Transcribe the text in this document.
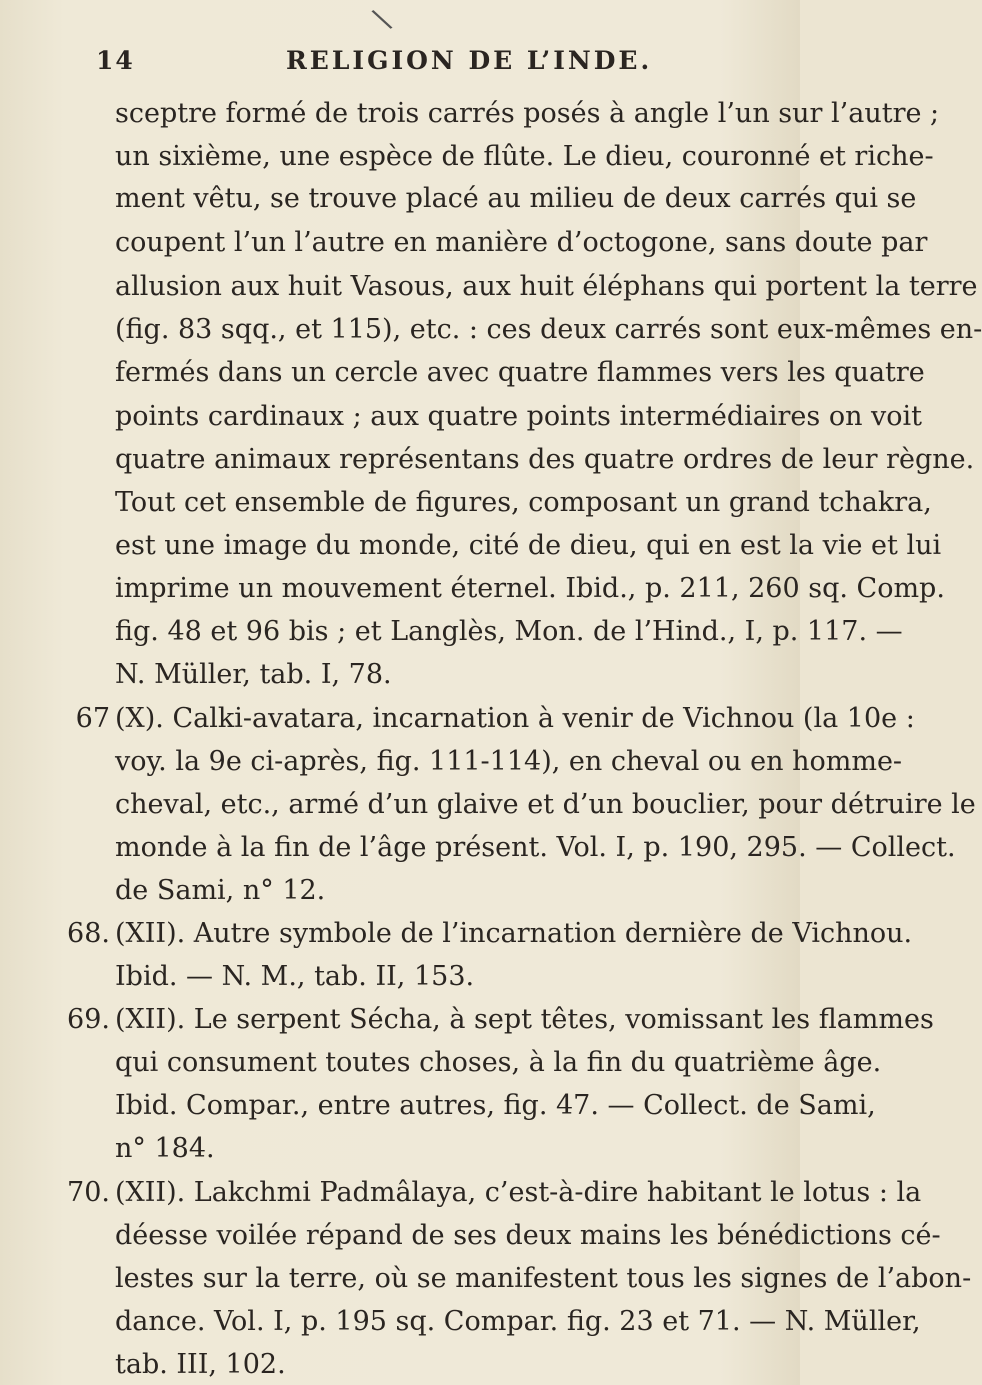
\
14	RELIGION DE L’INDE.
sceptre formé de trois carrés posés à angle l’un sur l’autre ;
un sixième, une espèce de flûte. Le dieu, couronné et riche-
ment vêtu, se trouve placé au milieu de deux carrés qui se
coupent l’un l’autre en manière d’octogone, sans doute par
allusion aux huit Vasous, aux huit éléphans qui portent la terre
(fig. 83 sqq., et 115), etc. : ces deux carrés sont eux-mêmes en-
fermés dans un cercle avec quatre flammes vers les quatre
points cardinaux ; aux quatre points intermédiaires on voit
quatre animaux représentans des quatre ordres de leur règne.
Tout cet ensemble de figures, composant un grand tchakra,
est une image du monde, cité de dieu, qui en est la vie et lui
imprime un mouvement éternel. Ibid., p. 211, 260 sq. Comp.
fig. 48 et 96 bis ; et Langlès, Mon. de l’Hind., I, p. 117. —
N. Müller, tab. I, 78.
67 (X). Calki-avatara, incarnation à venir de Vichnou (la 10e :
voy. la 9e ci-après, fig. 111-114), en cheval ou en homme-
cheval, etc., armé d’un glaive et d’un bouclier, pour détruire le
monde à la fin de l’âge présent. Vol. I, p. 190, 295. — Collect.
de Sami, n° 12.
68. (XII). Autre symbole de l’incarnation dernière de Vichnou.
Ibid. — N. M., tab. II, 153.
69. (XII). Le serpent Sécha, à sept têtes, vomissant les flammes
qui consument toutes choses, à la fin du quatrième âge.
Ibid. Compar., entre autres, fig. 47. — Collect. de Sami,
n° 184.
70. (XII). Lakchmi Padmâlaya, c’est-à-dire habitant le lotus : la
déesse voilée répand de ses deux mains les bénédictions cé-
lestes sur la terre, où se manifestent tous les signes de l’abon-
dance. Vol. I, p. 195 sq. Compar. fig. 23 et 71. — N. Müller,
tab. III, 102.
